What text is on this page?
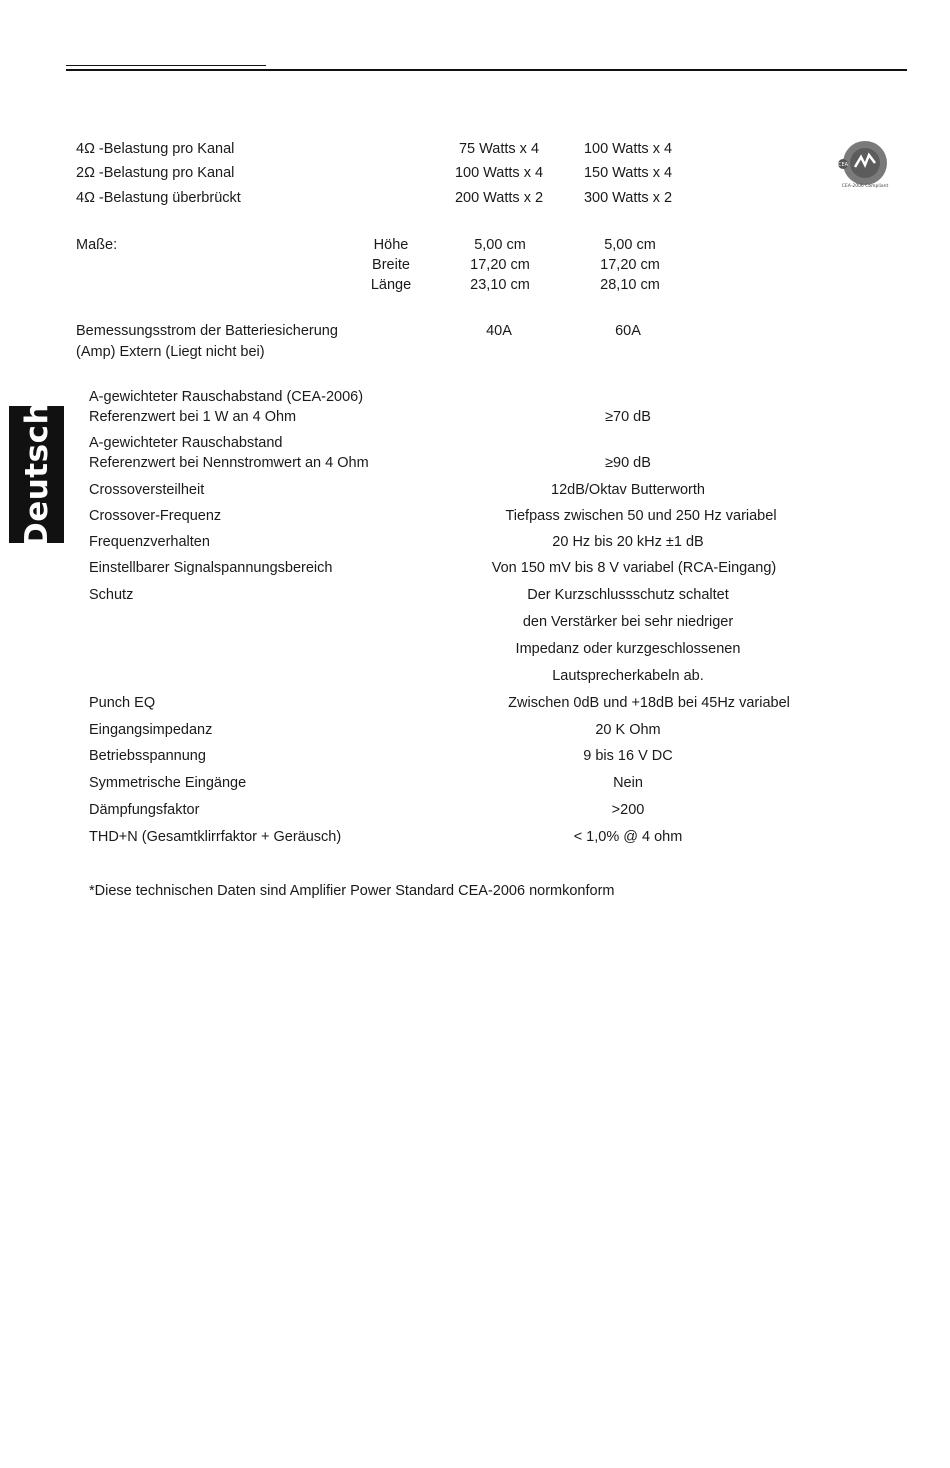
Deutsch
CEA
CEA-2006 Compliant
4Ω -Belastung pro Kanal	75 Watts x 4	100 Watts x 4
2Ω -Belastung pro Kanal	100 Watts x 4	150 Watts x 4
4Ω -Belastung überbrückt	200 Watts x 2	300 Watts x 2
Maße:	Höhe	5,00 cm	5,00 cm
Breite	17,20 cm	17,20 cm
Länge	23,10 cm	28,10 cm
Bemessungsstrom der Batteriesicherung
(Amp) Extern (Liegt nicht bei)
40A	60A
A-gewichteter Rauschabstand (CEA-2006)
Referenzwert bei 1 W an 4 Ohm	≥70 dB
A-gewichteter Rauschabstand
Referenzwert bei Nennstromwert an 4 Ohm	≥90 dB
Crossoversteilheit	12dB/Oktav Butterworth
Crossover-Frequenz	Tiefpass zwischen 50 und 250 Hz variabel
Frequenzverhalten	20 Hz bis 20 kHz ±1 dB
Einstellbarer Signalspannungsbereich	Von 150 mV bis 8 V variabel (RCA-Eingang)
Schutz	Der Kurzschlussschutz schaltet
den Verstärker bei sehr niedriger
Impedanz oder kurzgeschlossenen
Lautsprecherkabeln ab.
Punch EQ	Zwischen 0dB und +18dB bei 45Hz variabel
Eingangsimpedanz	20 K Ohm
Betriebsspannung	9 bis 16 V DC
Symmetrische Eingänge	Nein
Dämpfungsfaktor	>200
THD+N (Gesamtklirrfaktor + Geräusch)	< 1,0% @ 4 ohm
*Diese technischen Daten sind Amplifier Power Standard CEA-2006 normkonform
